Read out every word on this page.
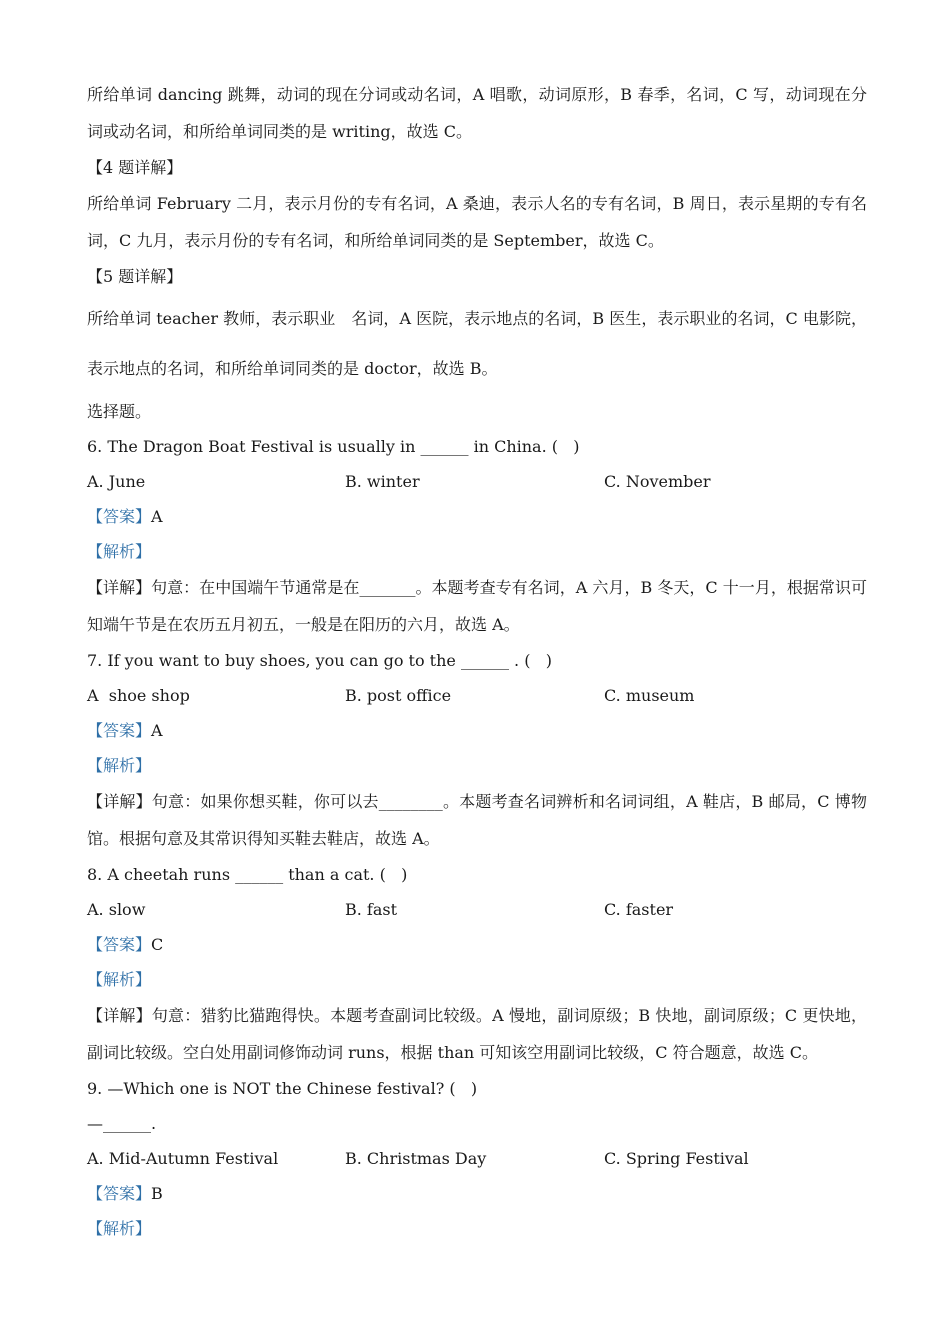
所给单词 dancing 跳舞，动词的现在分词或动名词，A 唱歌，动词原形，B 春季，名词，C 写，动词现在分词或动名词，和所给单词同类的是 writing，故选 C。

【4 题详解】

所给单词 February 二月，表示月份的专有名词，A 桑迪，表示人名的专有名词，B 周日，表示星期的专有名词，C 九月，表示月份的专有名词，和所给单词同类的是 September，故选 C。

【5 题详解】

所给单词 teacher 教师，表示职业　名词，A 医院，表示地点的名词，B 医生，表示职业的名词，C 电影院，表示地点的名词，和所给单词同类的是 doctor，故选 B。

选择题。

6. The Dragon Boat Festival is usually in ______ in China. (   )

A. June	B. winter	C. November

【答案】A

【解析】

【详解】句意：在中国端午节通常是在_______。本题考查专有名词，A 六月，B 冬天，C 十一月，根据常识可知端午节是在农历五月初五，一般是在阳历的六月，故选 A。

7. If you want to buy shoes, you can go to the ______ . (   )

A  shoe shop	B. post office	C. museum

【答案】A

【解析】

【详解】句意：如果你想买鞋，你可以去________。本题考查名词辨析和名词词组，A 鞋店，B 邮局，C 博物馆。根据句意及其常识得知买鞋去鞋店，故选 A。

8. A cheetah runs ______ than a cat. (   )

A. slow	B. fast	C. faster

【答案】C

【解析】

【详解】句意：猎豹比猫跑得快。本题考查副词比较级。A 慢地，副词原级；B 快地，副词原级；C 更快地，副词比较级。空白处用副词修饰动词 runs，根据 than 可知该空用副词比较级，C 符合题意，故选 C。

9. —Which one is NOT the Chinese festival? (   )

—______.

A. Mid-Autumn Festival	B. Christmas Day	C. Spring Festival

【答案】B

【解析】
